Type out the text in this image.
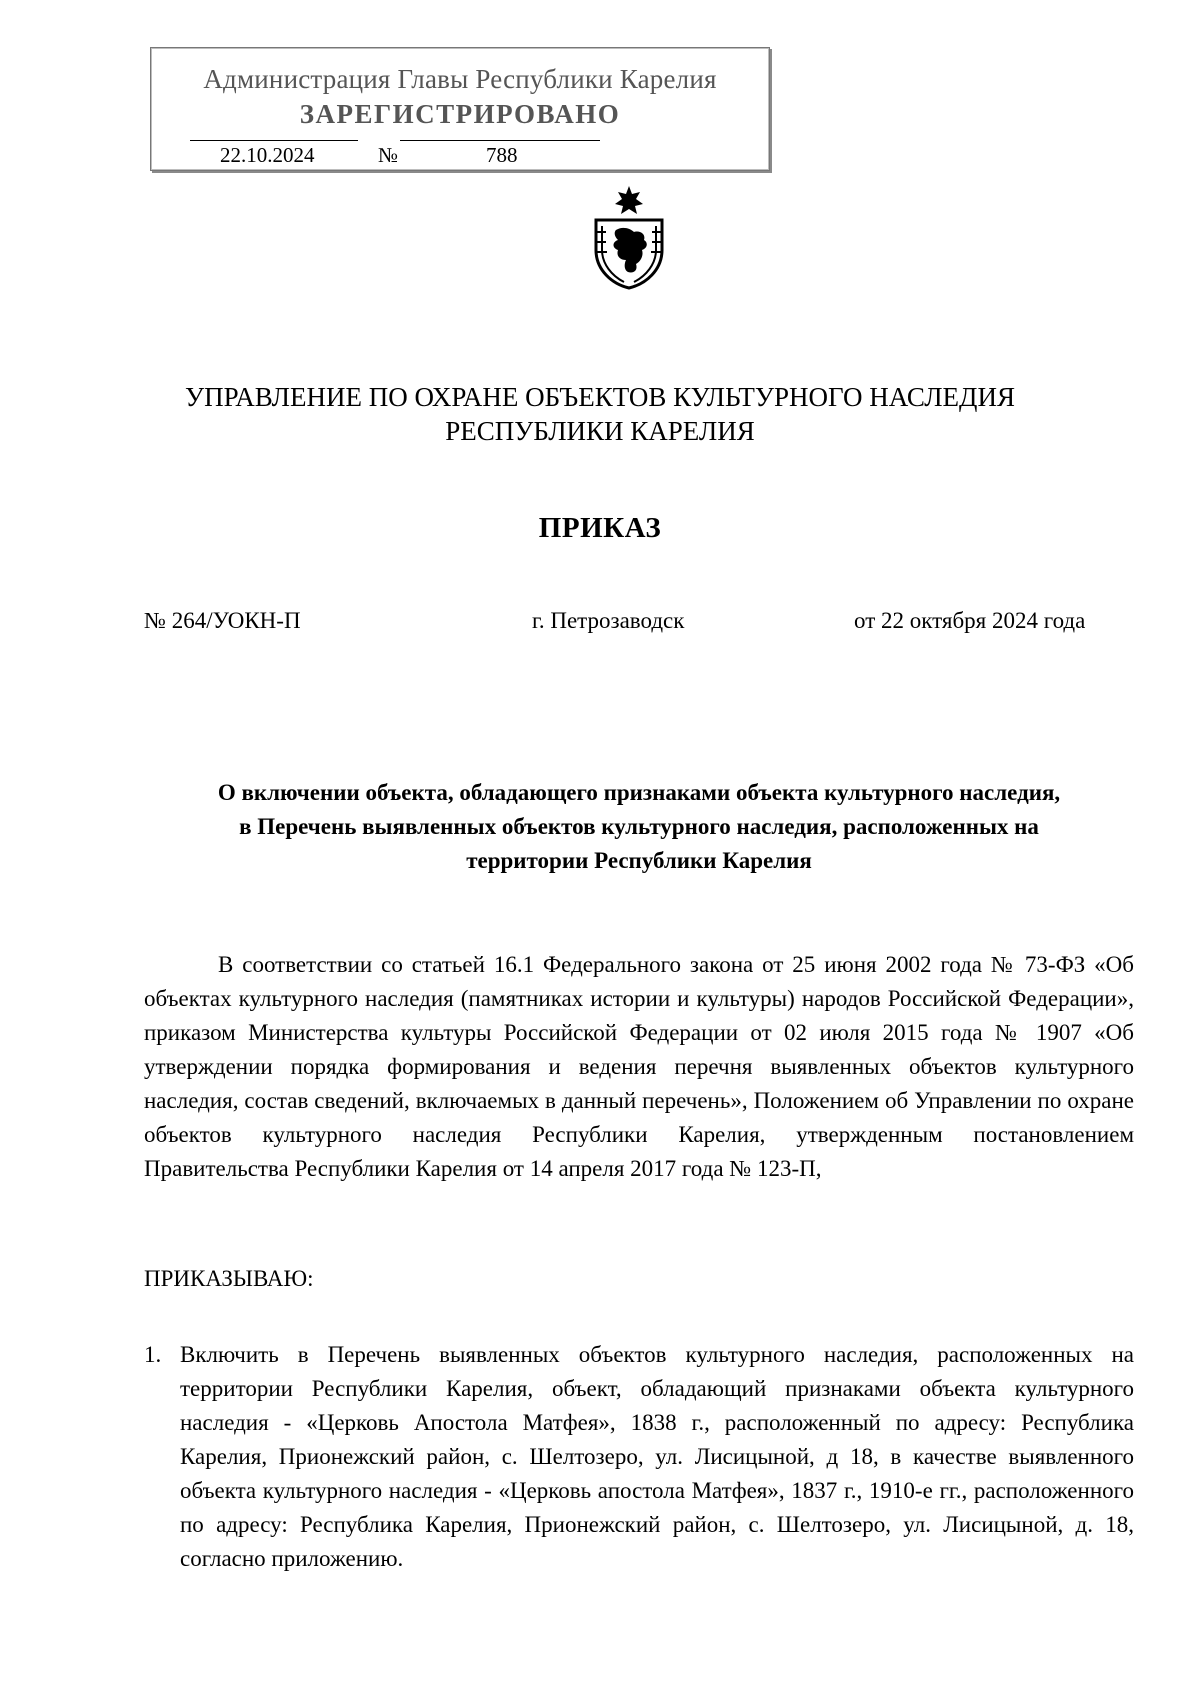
Администрация Главы Республики Карелия
ЗАРЕГИСТРИРОВАНО
22.10.2024	№	788
УПРАВЛЕНИЕ ПО ОХРАНЕ ОБЪЕКТОВ КУЛЬТУРНОГО НАСЛЕДИЯ
РЕСПУБЛИКИ КАРЕЛИЯ
ПРИКАЗ
№ 264/УОКН-П	г. Петрозаводск	от 22 октября 2024 года
О включении объекта, обладающего признаками объекта культурного наследия,
в Перечень выявленных объектов культурного наследия, расположенных на
территории Республики Карелия
В соответствии со статьей 16.1 Федерального закона от 25 июня 2002 года № 73-ФЗ «Об объектах культурного наследия (памятниках истории и культуры) народов Российской Федерации», приказом Министерства культуры Российской Федерации от 02 июля 2015 года № 1907 «Об утверждении порядка формирования и ведения перечня выявленных объектов культурного наследия, состав сведений, включаемых в данный перечень», Положением об Управлении по охране объектов культурного наследия Республики Карелия, утвержденным постановлением Правительства Республики Карелия от 14 апреля 2017 года № 123-П,
ПРИКАЗЫВАЮ:
1. Включить в Перечень выявленных объектов культурного наследия, расположенных на территории Республики Карелия, объект, обладающий признаками объекта культурного наследия - «Церковь Апостола Матфея», 1838 г., расположенный по адресу: Республика Карелия, Прионежский район, с. Шелтозеро, ул. Лисицыной, д 18, в качестве выявленного объекта культурного наследия - «Церковь апостола Матфея», 1837 г., 1910-е гг., расположенного по адресу: Республика Карелия, Прионежский район, с. Шелтозеро, ул. Лисицыной, д. 18, согласно приложению.
